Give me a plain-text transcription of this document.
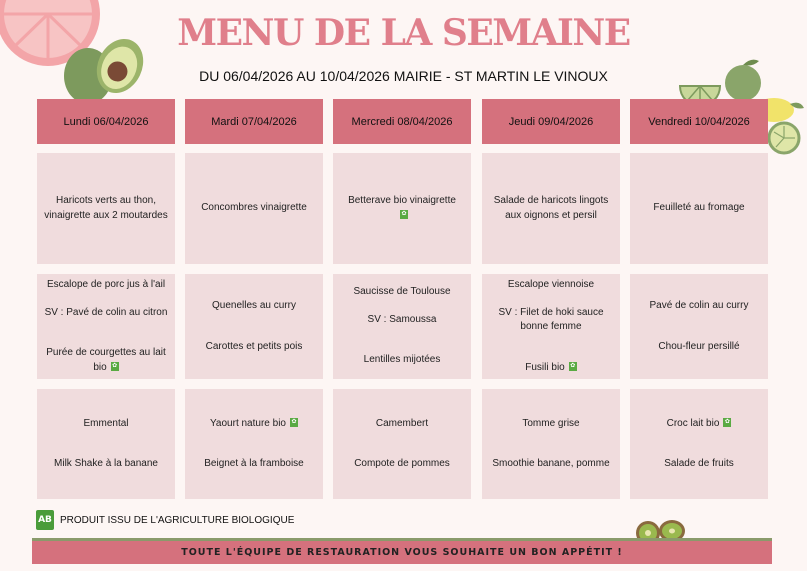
MENU DE LA SEMAINE
DU 06/04/2026 AU 10/04/2026 MAIRIE - ST MARTIN LE VINOUX
Lundi 06/04/2026
Haricots verts au thon,
vinaigrette aux 2 moutardes
Escalope de porc jus à l'ail
SV : Pavé de colin au citron
Purée de courgettes au lait
bio ✿
Emmental
Milk Shake à la banane
Mardi 07/04/2026
Concombres vinaigrette
Quenelles au curry
Carottes et petits pois
Yaourt nature bio ✿
Beignet à la framboise
Mercredi 08/04/2026
Betterave bio vinaigrette
✿
Saucisse de Toulouse
SV : Samoussa
Lentilles mijotées
Camembert
Compote de pommes
Jeudi 09/04/2026
Salade de haricots lingots
aux oignons et persil
Escalope viennoise
SV : Filet de hoki sauce
bonne femme
Fusili bio ✿
Tomme grise
Smoothie banane, pomme
Vendredi 10/04/2026
Feuilleté au fromage
Pavé de colin au curry
Chou-fleur persillé
Croc lait bio ✿
Salade de fruits
AB PRODUIT ISSU DE L'AGRICULTURE BIOLOGIQUE
TOUTE L'ÉQUIPE DE RESTAURATION VOUS SOUHAITE UN BON APPÉTIT !
